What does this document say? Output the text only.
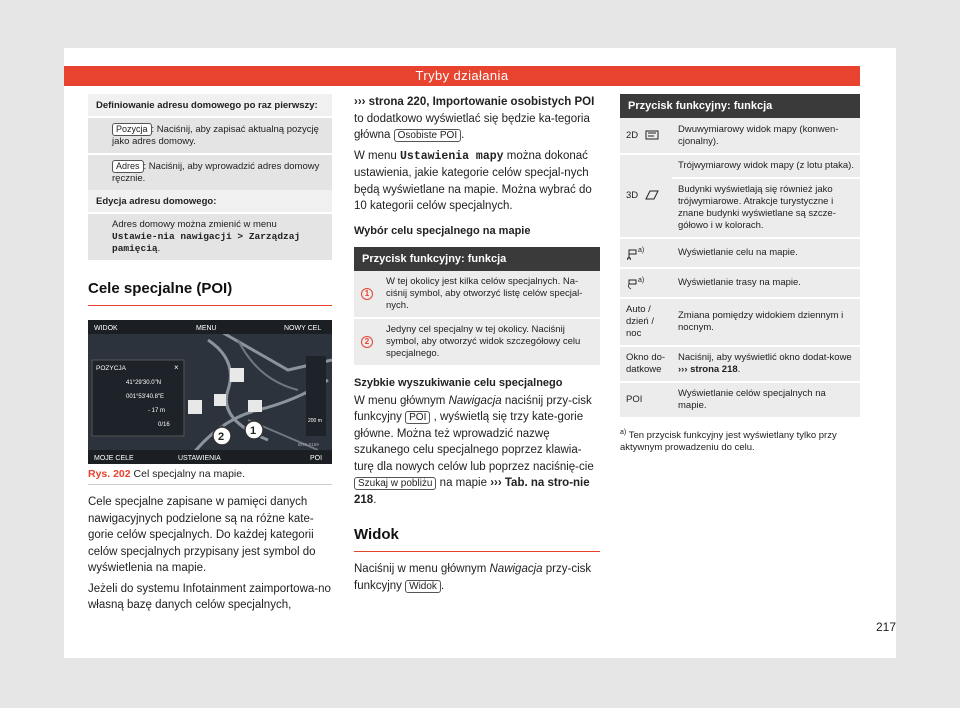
Tryby działania
Definiowanie adresu domowego po raz pierwszy:
Pozycja : Naciśnij, aby zapisać aktualną pozycję jako adres domowy.
Adres : Naciśnij, aby wprowadzić adres domowy ręcznie.
Edycja adresu domowego:
Adres domowy można zmienić w menu Ustawie-nia nawigacji > Zarządzaj pamięcią.
Cele specjalne (POI)
WIDOK	MENU	NOWY CEL
MOJE CELE	USTAWIENIA	POI
POZYCJA	×
41°29'30.0"N
001°53'40.8"E
- 17 m
0/16
200 m
2 1
BRS-0159
Rys. 202 Cel specjalny na mapie.
Cele specjalne zapisane w pamięci danych nawigacyjnych podzielone są na różne kate-gorie celów specjalnych. Do każdej kategorii celów specjalnych przypisany jest symbol do wyświetlenia na mapie.
Jeżeli do systemu Infotainment zaimportowa-no własną bazę danych celów specjalnych,
››› strona 220, Importowanie osobistych POI to dodatkowo wyświetlać się będzie ka-tegoria główna Osobiste POI .
W menu Ustawienia mapy można dokonać ustawienia, jakie kategorie celów specjal-nych będą wyświetlane na mapie. Można wybrać do 10 kategorii celów specjalnych.
Wybór celu specjalnego na mapie
Przycisk funkcyjny: funkcja	
1	W tej okolicy jest kilka celów specjalnych. Na-ciśnij symbol, aby otworzyć listę celów specjal-nych.
2	Jedyny cel specjalny w tej okolicy. Naciśnij symbol, aby otworzyć widok szczegółowy celu specjalnego.
Szybkie wyszukiwanie celu specjalnego
W menu głównym Nawigacja naciśnij przy-cisk funkcyjny POI , wyświetlą się trzy kate-gorie główne. Można też wprowadzić nazwę szukanego celu specjalnego poprzez klawia-turę dla nowych celów lub poprzez naciśnię-cie Szukaj w pobliżu na mapie ››› Tab. na stro-nie 218.
Widok
Naciśnij w menu głównym Nawigacja przy-cisk funkcyjny Widok .
Przycisk funkcyjny: funkcja	
2D	Dwuwymiarowy widok mapy (konwen-cjonalny).
3D	Trójwymiarowy widok mapy (z lotu ptaka).
	Budynki wyświetlają się również jako trójwymiarowe. Atrakcje turystyczne i znane budynki wyświetlane są szcze-gółowo i w kolorach.
$^{a)}$	Wyświetlanie celu na mapie.
$^{a)}$	Wyświetlanie trasy na mapie.
Auto / dzień / noc	Zmiana pomiędzy widokiem dziennym i nocnym.
Okno do-datkowe	Naciśnij, aby wyświetlić okno dodat-kowe ››› strona 218.
POI	Wyświetlanie celów specjalnych na mapie.
$^{a)}$ Ten przycisk funkcyjny jest wyświetlany tylko przy aktywnym prowadzeniu do celu.
217
